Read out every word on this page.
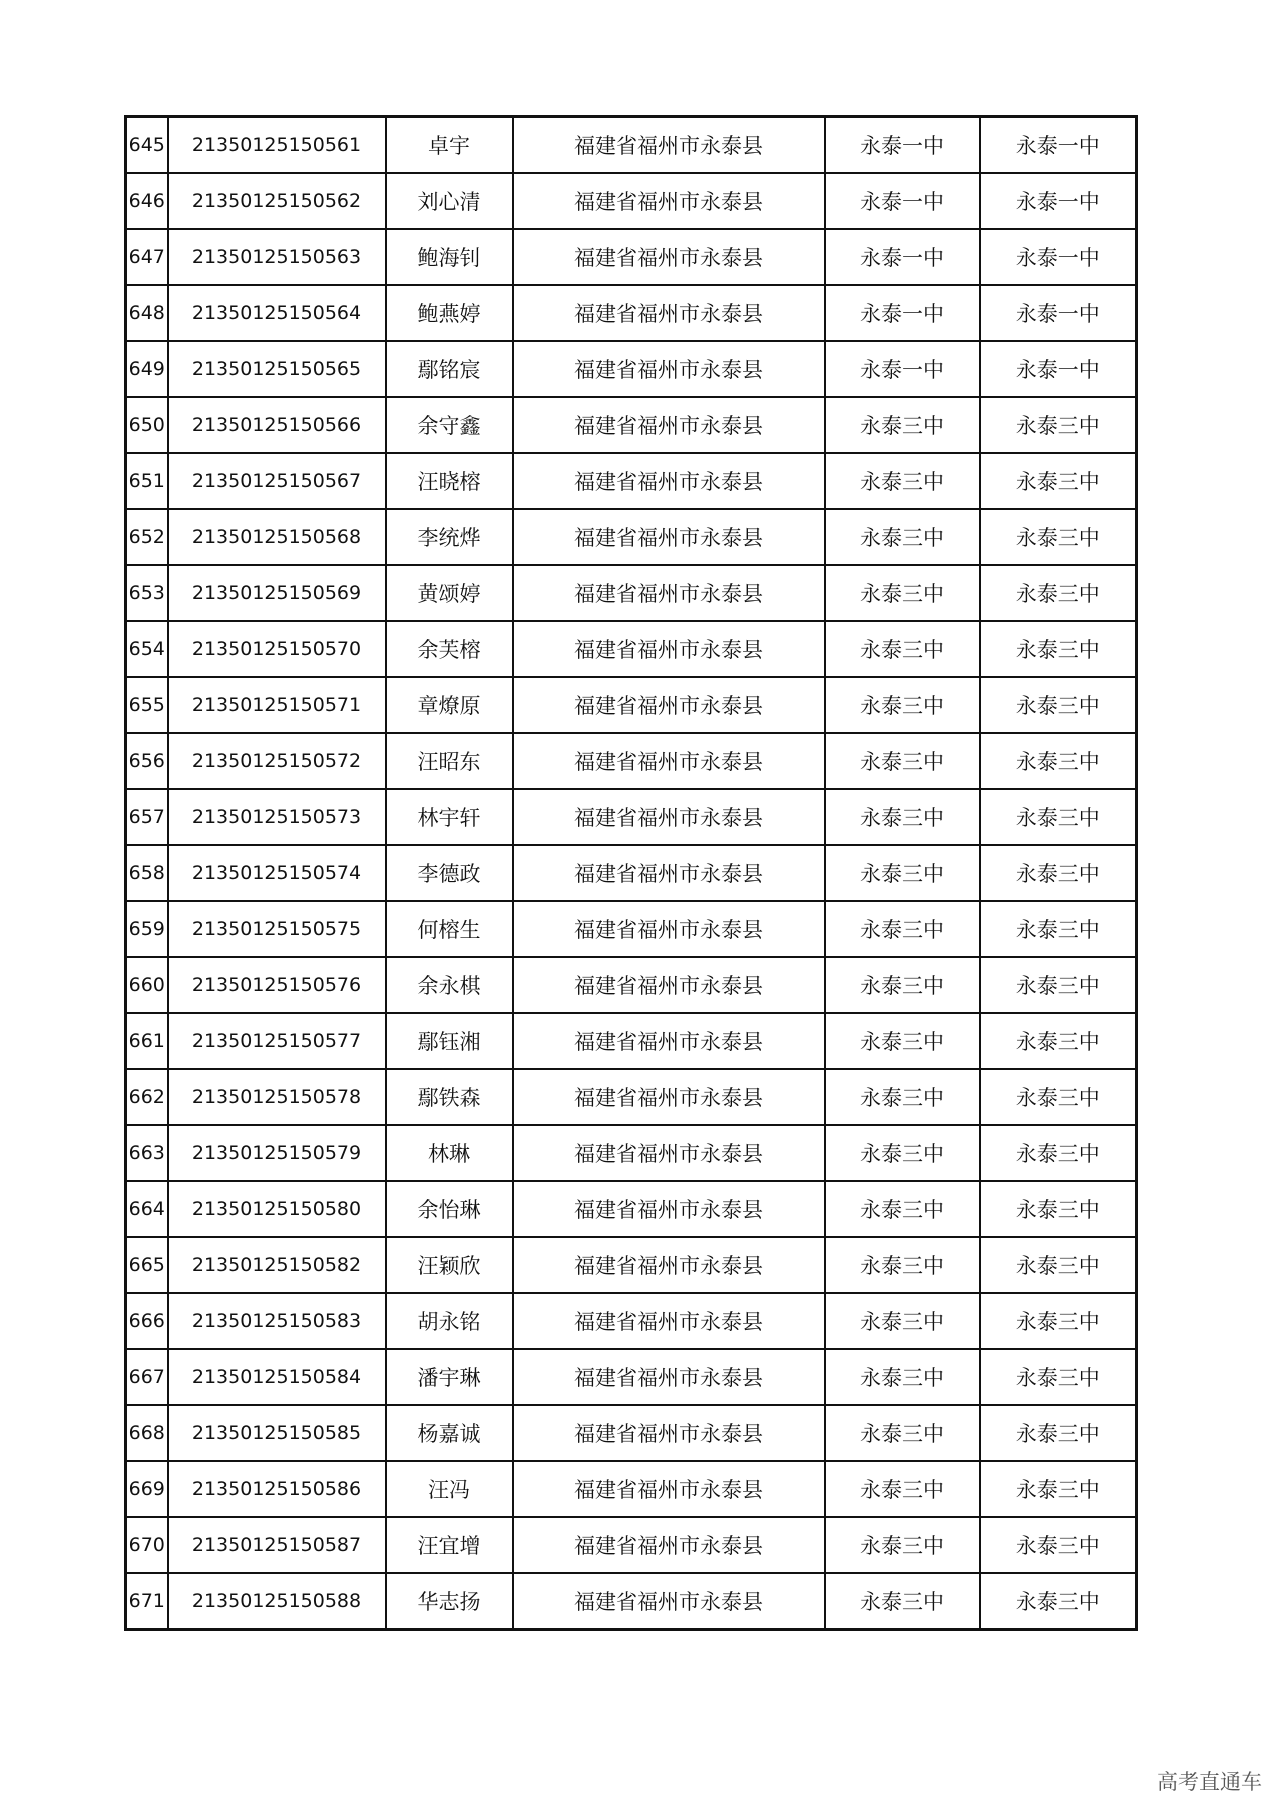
645	21350125150561	卓宇	福建省福州市永泰县	永泰一中	永泰一中
646	21350125150562	刘心清	福建省福州市永泰县	永泰一中	永泰一中
647	21350125150563	鲍海钊	福建省福州市永泰县	永泰一中	永泰一中
648	21350125150564	鲍燕婷	福建省福州市永泰县	永泰一中	永泰一中
649	21350125150565	鄢铭宸	福建省福州市永泰县	永泰一中	永泰一中
650	21350125150566	余守鑫	福建省福州市永泰县	永泰三中	永泰三中
651	21350125150567	汪晓榕	福建省福州市永泰县	永泰三中	永泰三中
652	21350125150568	李统烨	福建省福州市永泰县	永泰三中	永泰三中
653	21350125150569	黄颂婷	福建省福州市永泰县	永泰三中	永泰三中
654	21350125150570	余芙榕	福建省福州市永泰县	永泰三中	永泰三中
655	21350125150571	章燎原	福建省福州市永泰县	永泰三中	永泰三中
656	21350125150572	汪昭东	福建省福州市永泰县	永泰三中	永泰三中
657	21350125150573	林宇轩	福建省福州市永泰县	永泰三中	永泰三中
658	21350125150574	李德政	福建省福州市永泰县	永泰三中	永泰三中
659	21350125150575	何榕生	福建省福州市永泰县	永泰三中	永泰三中
660	21350125150576	余永棋	福建省福州市永泰县	永泰三中	永泰三中
661	21350125150577	鄢钰湘	福建省福州市永泰县	永泰三中	永泰三中
662	21350125150578	鄢铁森	福建省福州市永泰县	永泰三中	永泰三中
663	21350125150579	林琳	福建省福州市永泰县	永泰三中	永泰三中
664	21350125150580	余怡琳	福建省福州市永泰县	永泰三中	永泰三中
665	21350125150582	汪颖欣	福建省福州市永泰县	永泰三中	永泰三中
666	21350125150583	胡永铭	福建省福州市永泰县	永泰三中	永泰三中
667	21350125150584	潘宇琳	福建省福州市永泰县	永泰三中	永泰三中
668	21350125150585	杨嘉诚	福建省福州市永泰县	永泰三中	永泰三中
669	21350125150586	汪冯	福建省福州市永泰县	永泰三中	永泰三中
670	21350125150587	汪宜增	福建省福州市永泰县	永泰三中	永泰三中
671	21350125150588	华志扬	福建省福州市永泰县	永泰三中	永泰三中
高考直通车
